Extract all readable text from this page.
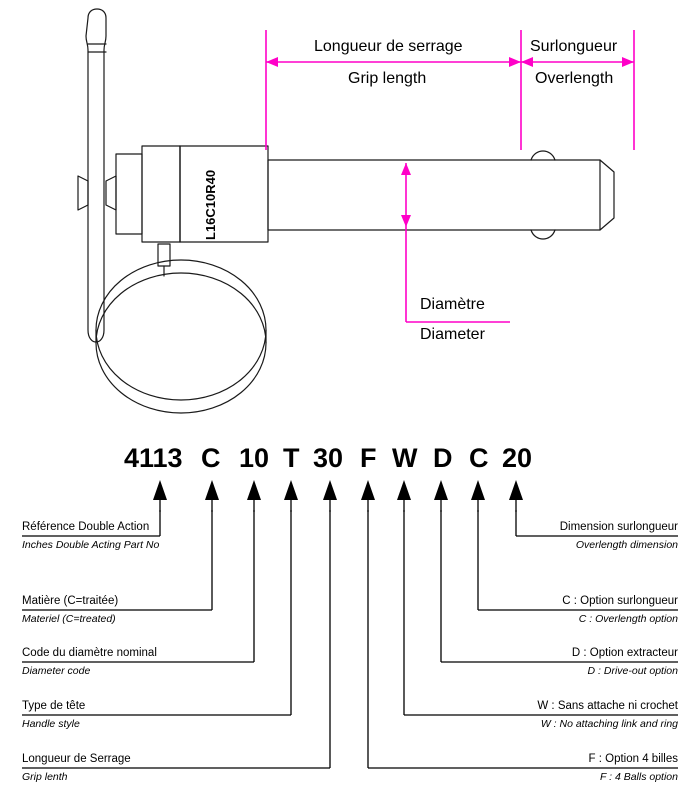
L16C10R40
Longueur de serrage
Grip length
Surlongueur
Overlength
Diamètre
Diameter
4113 C 10 T 30 F W D C 20
Référence Double Action
Inches Double Acting Part No
Matière (C=traitée)
Materiel (C=treated)
Code du diamètre nominal
Diameter code
Type de tête
Handle style
Longueur de Serrage
Grip lenth
Dimension surlongueur
Overlength dimension
C : Option surlongueur
C : Overlength option
D : Option extracteur
D : Drive-out option
W : Sans attache ni crochet
W : No attaching link and ring
F : Option 4 billes
F : 4 Balls option
